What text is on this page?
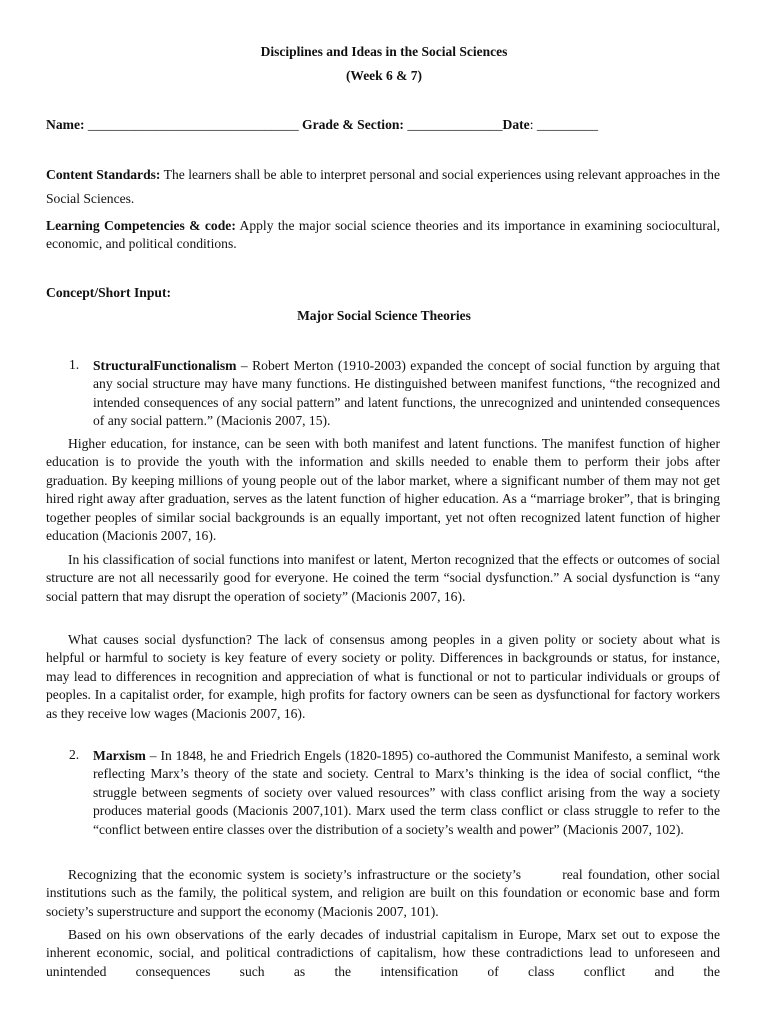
Disciplines and Ideas in the Social Sciences
(Week 6 & 7)
Name: _______________________________ Grade & Section: ______________Date: _________
Content Standards: The learners shall be able to interpret personal and social experiences using relevant approaches in the Social Sciences.
Learning Competencies & code: Apply the major social science theories and its importance in examining sociocultural, economic, and political conditions.
Concept/Short Input:
Major Social Science Theories
1. StructuralFunctionalism – Robert Merton (1910-2003) expanded the concept of social function by arguing that any social structure may have many functions. He distinguished between manifest functions, “the recognized and intended consequences of any social pattern” and latent functions, the unrecognized and unintended consequences of any social pattern.” (Macionis 2007, 15).
Higher education, for instance, can be seen with both manifest and latent functions. The manifest function of higher education is to provide the youth with the information and skills needed to enable them to perform their jobs after graduation. By keeping millions of young people out of the labor market, where a significant number of them may not get hired right away after graduation, serves as the latent function of higher education. As a “marriage broker”, that is bringing together peoples of similar social backgrounds is an equally important, yet not often recognized latent function of higher education (Macionis 2007, 16).
In his classification of social functions into manifest or latent, Merton recognized that the effects or outcomes of social structure are not all necessarily good for everyone. He coined the term “social dysfunction.” A social dysfunction is “any social pattern that may disrupt the operation of society” (Macionis 2007, 16).
What causes social dysfunction? The lack of consensus among peoples in a given polity or society about what is helpful or harmful to society is key feature of every society or polity. Differences in backgrounds or status, for instance, may lead to differences in recognition and appreciation of what is functional or not to particular individuals or groups of peoples. In a capitalist order, for example, high profits for factory owners can be seen as dysfunctional for factory workers as they receive low wages (Macionis 2007, 16).
2. Marxism – In 1848, he and Friedrich Engels (1820-1895) co-authored the Communist Manifesto, a seminal work reflecting Marx’s theory of the state and society. Central to Marx’s thinking is the idea of social conflict, “the struggle between segments of society over valued resources” with class conflict arising from the way a society produces material goods (Macionis 2007,101). Marx used the term class conflict or class struggle to refer to the “conflict between entire classes over the distribution of a society’s wealth and power” (Macionis 2007, 102).
Recognizing that the economic system is society’s infrastructure or the society’s        real foundation, other social institutions such as the family, the political system, and religion are built on this foundation or economic base and form society’s superstructure and support the economy (Macionis 2007, 101).
Based on his own observations of the early decades of industrial capitalism in Europe, Marx set out to expose the inherent economic, social, and political contradictions of capitalism, how these contradictions lead to unforeseen and unintended consequences such as the intensification of class conflict and the
